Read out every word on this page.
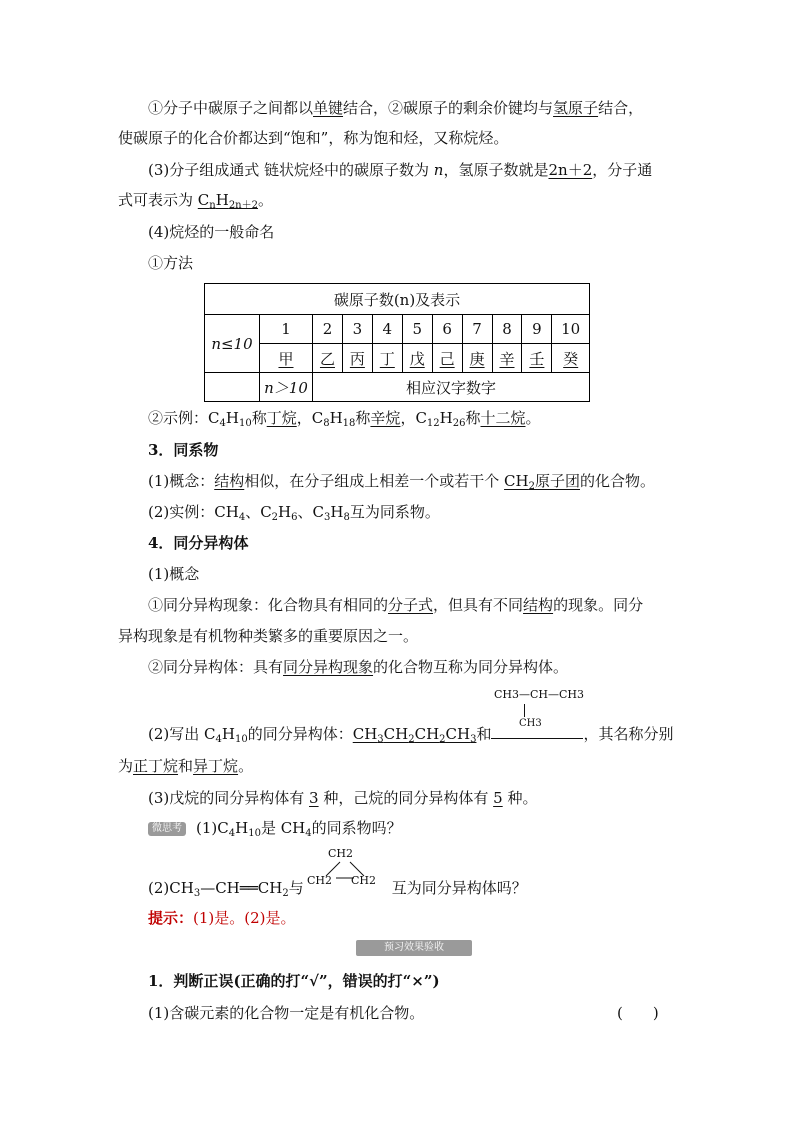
①分子中碳原子之间都以单键结合，②碳原子的剩余价键均与氢原子结合，
使碳原子的化合价都达到“饱和”，称为饱和烃，又称烷烃。
(3)分子组成通式 链状烷烃中的碳原子数为 n，氢原子数就是2n＋2，分子通
式可表示为 $C_nH_{2n+2}$。
(4)烷烃的一般命名
①方法
碳原子数(n)及表示										
n≤10	1	2	3	4	5	6	7	8	9	10
	甲	乙	丙	丁	戊	己	庚	辛	壬	癸
	n＞10	相应汉字数字								
②示例：$C_4H_{10}$称丁烷，$C_8H_{18}$称辛烷，$C_{12}H_{26}$称十二烷。
3．同系物
(1)概念：结构相似，在分子组成上相差一个或若干个 $CH_2$原子团的化合物。
(2)实例：$CH_4$、$C_2H_6$、$C_3H_8$互为同系物。
4．同分异构体
(1)概念
①同分异构现象：化合物具有相同的分子式，但具有不同结构的现象。同分
异构现象是有机物种类繁多的重要原因之一。
②同分异构体：具有同分异构现象的化合物互称为同分异构体。
CH3—CH—CH3
CH3
(2)写出 $C_4H_{10}$的同分异构体：$CH_3CH_2CH_2CH_3$和	，其名称分别
为正丁烷和异丁烷。
(3)戊烷的同分异构体有 3 种，己烷的同分异构体有 5 种。
微思考 $(1)C_4H_{10}$是 $CH_4$的同系物吗？
CH2
CH2 CH2
$(2)CH_3—CH══CH_2$与	互为同分异构体吗？
提示：(1)是。(2)是。
预习效果验收
1．判断正误(正确的打“√”，错误的打“×”)
(1)含碳元素的化合物一定是有机化合物。	(　　)
